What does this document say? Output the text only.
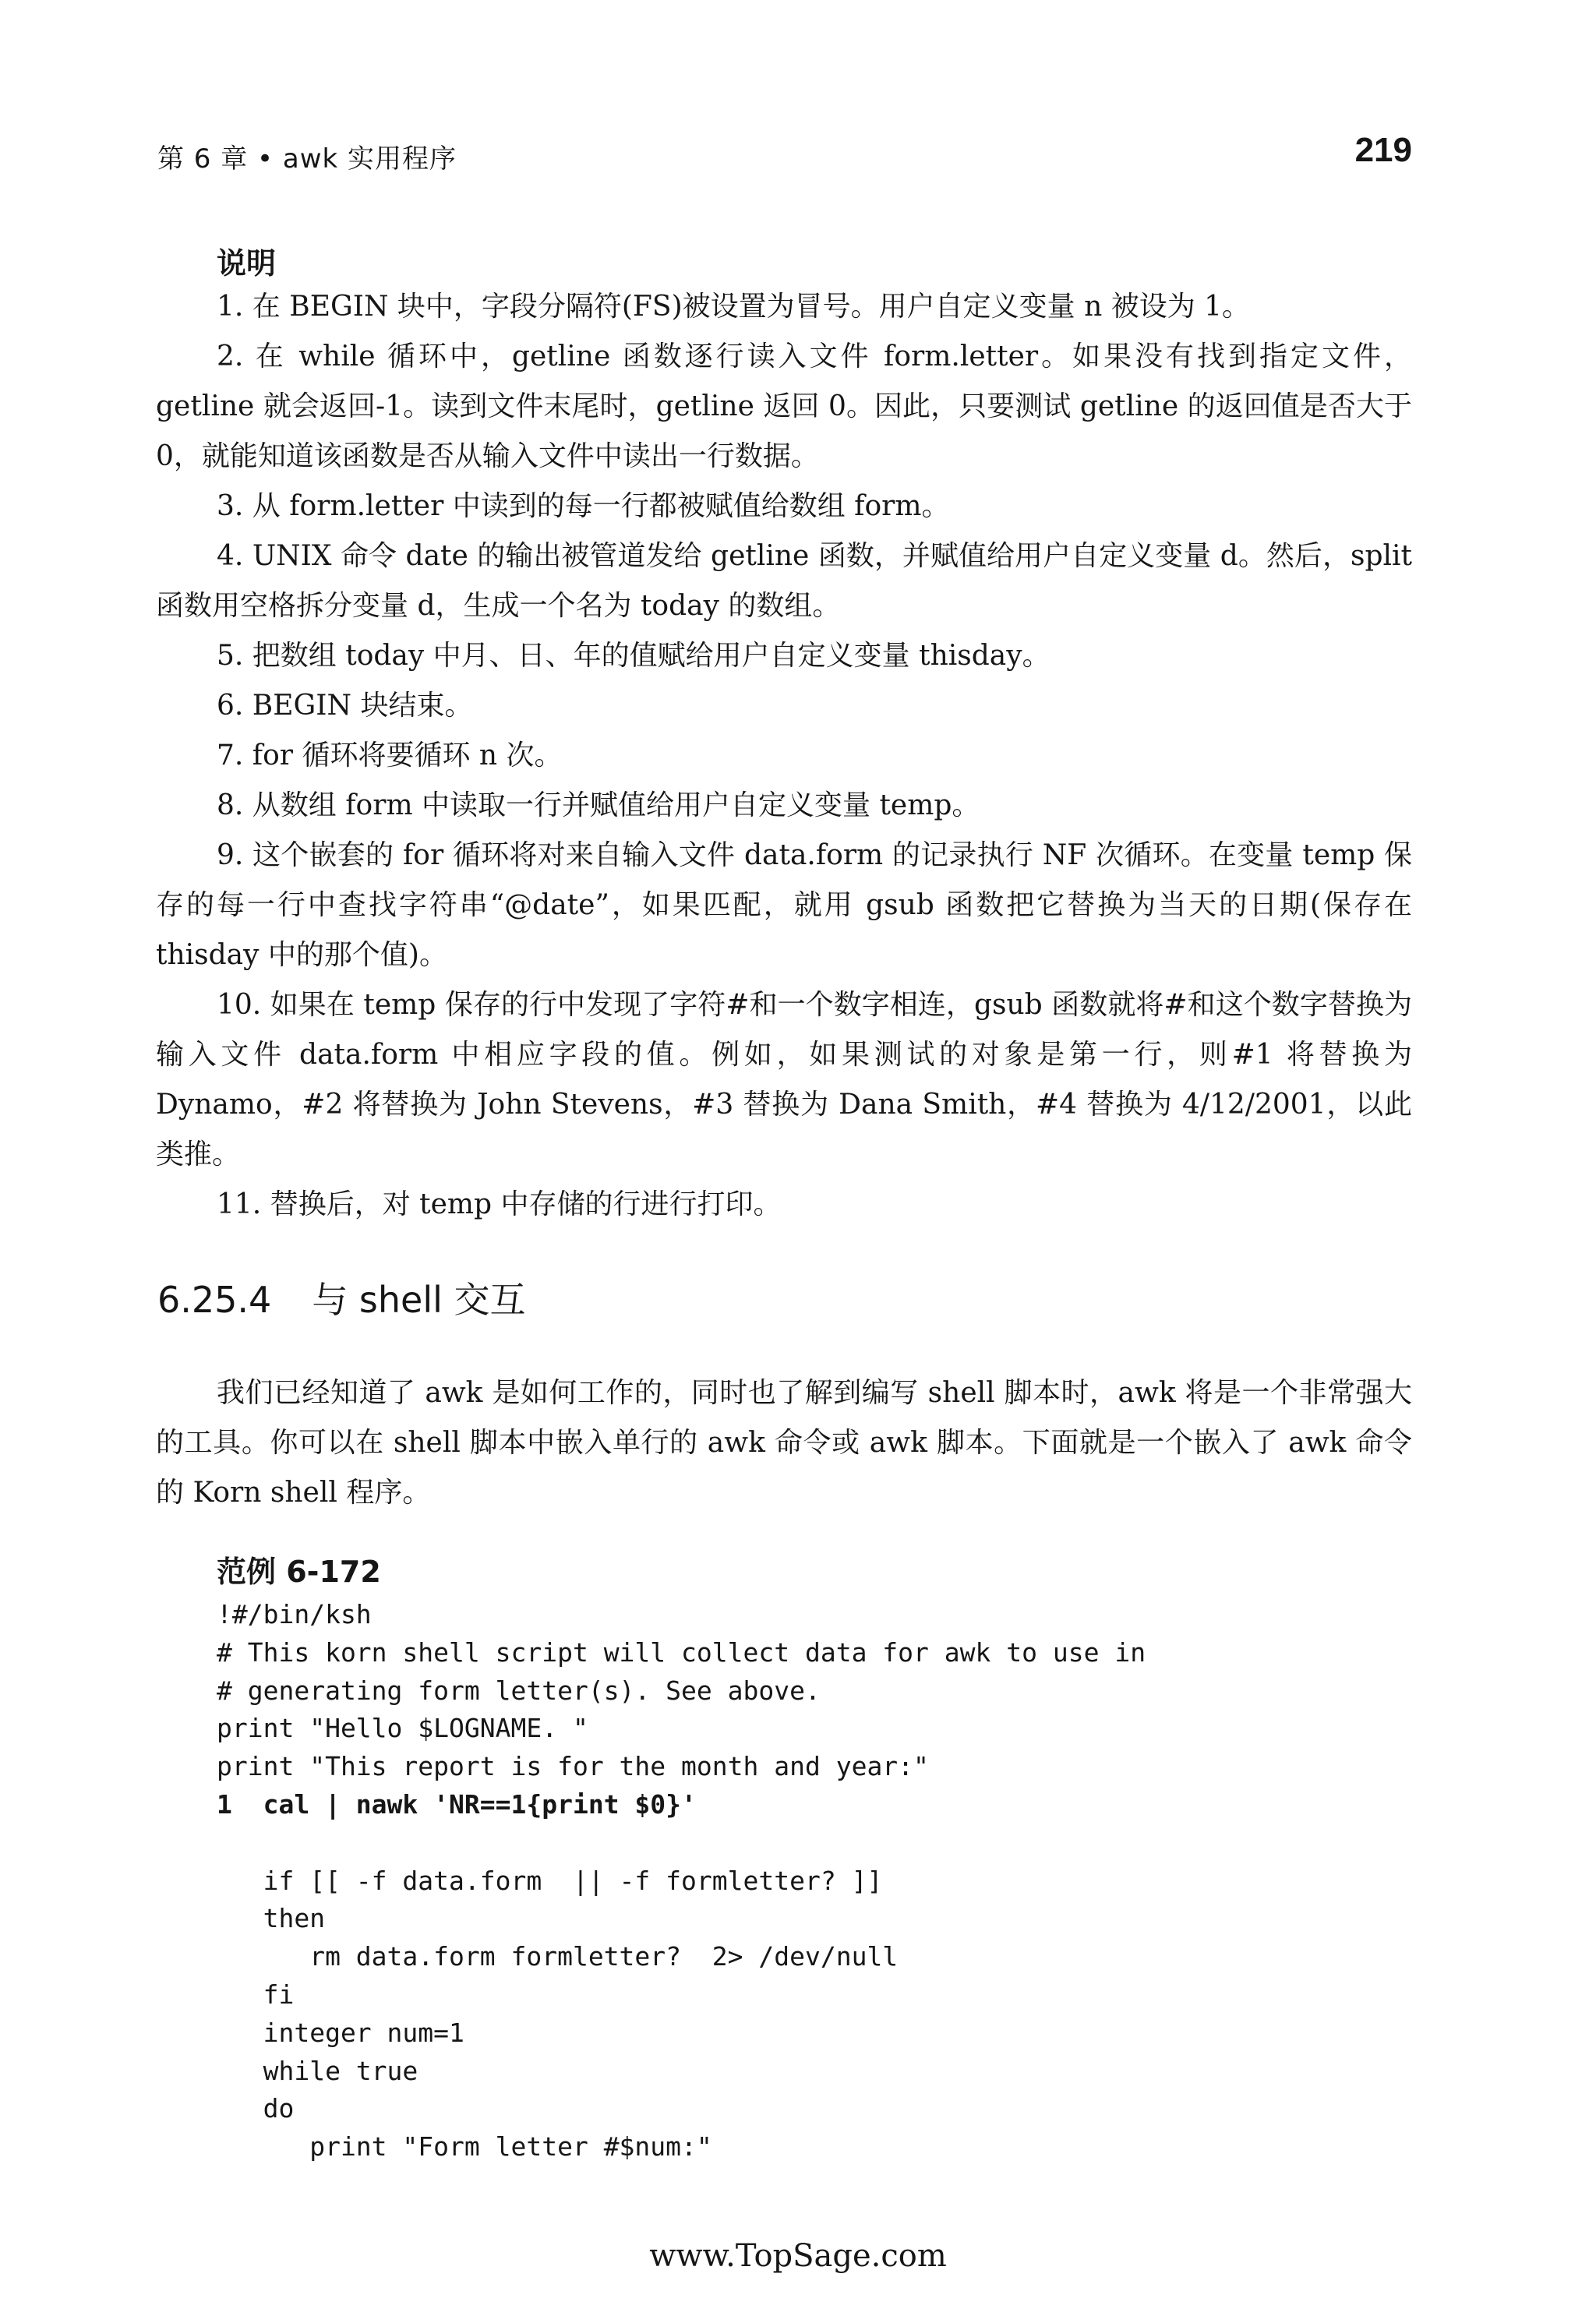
第 6 章 • awk 实用程序	219
说明

1. 在 BEGIN 块中，字段分隔符(FS)被设置为冒号。用户自定义变量 n 被设为 1。

2. 在 while 循环中，getline 函数逐行读入文件 form.letter。如果没有找到指定文件，getline 就会返回-1。读到文件末尾时，getline 返回 0。因此，只要测试 getline 的返回值是否大于 0，就能知道该函数是否从输入文件中读出一行数据。

3. 从 form.letter 中读到的每一行都被赋值给数组 form。

4. UNIX 命令 date 的输出被管道发给 getline 函数，并赋值给用户自定义变量 d。然后，split 函数用空格拆分变量 d，生成一个名为 today 的数组。

5. 把数组 today 中月、日、年的值赋给用户自定义变量 thisday。

6. BEGIN 块结束。

7. for 循环将要循环 n 次。

8. 从数组 form 中读取一行并赋值给用户自定义变量 temp。

9. 这个嵌套的 for 循环将对来自输入文件 data.form 的记录执行 NF 次循环。在变量 temp 保存的每一行中查找字符串“@date”，如果匹配，就用 gsub 函数把它替换为当天的日期(保存在 thisday 中的那个值)。

10. 如果在 temp 保存的行中发现了字符#和一个数字相连，gsub 函数就将#和这个数字替换为输入文件 data.form 中相应字段的值。例如，如果测试的对象是第一行，则#1 将替换为 Dynamo，#2 将替换为 John Stevens，#3 替换为 Dana Smith，#4 替换为 4/12/2001，以此类推。

11. 替换后，对 temp 中存储的行进行打印。

6.25.4 与 shell 交互

我们已经知道了 awk 是如何工作的，同时也了解到编写 shell 脚本时，awk 将是一个非常强大的工具。你可以在 shell 脚本中嵌入单行的 awk 命令或 awk 脚本。下面就是一个嵌入了 awk 命令的 Korn shell 程序。

范例 6-172
!#/bin/ksh
# This korn shell script will collect data for awk to use in
# generating form letter(s). See above.
print "Hello $LOGNAME. "
print "This report is for the month and year:"
1  cal | nawk 'NR==1{print $0}'
if [[ -f data.form  || -f formletter? ]]
then
rm data.form formletter?  2> /dev/null
fi
integer num=1
while true
do
print "Form letter #$num:"
www.TopSage.com
